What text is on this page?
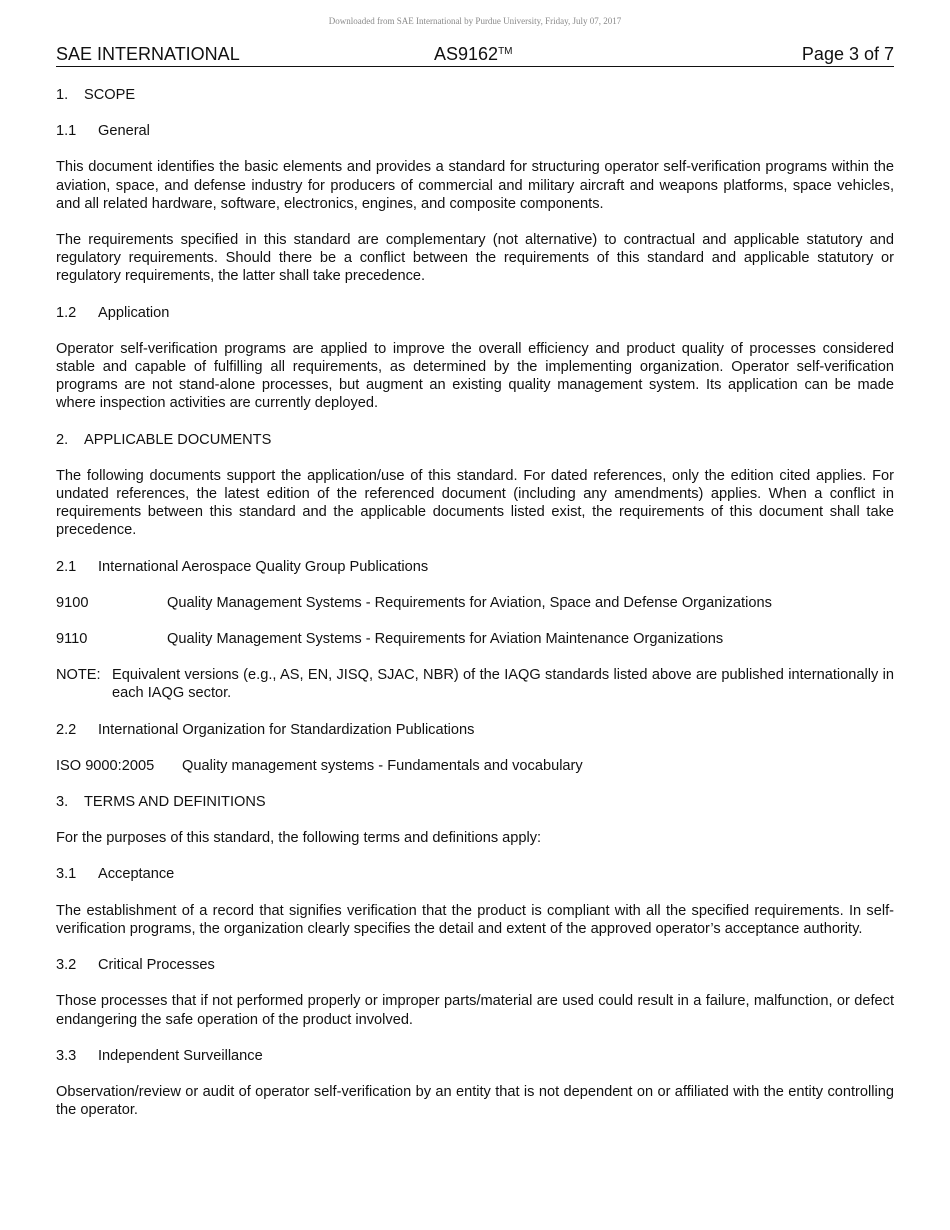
Downloaded from SAE International by Purdue University, Friday, July 07, 2017
SAE INTERNATIONAL	AS9162™	Page 3 of 7
1. SCOPE
1.1 General

This document identifies the basic elements and provides a standard for structuring operator self-verification programs within the aviation, space, and defense industry for producers of commercial and military aircraft and weapons platforms, space vehicles, and all related hardware, software, electronics, engines, and composite components.

The requirements specified in this standard are complementary (not alternative) to contractual and applicable statutory and regulatory requirements. Should there be a conflict between the requirements of this standard and applicable statutory or regulatory requirements, the latter shall take precedence.

1.2 Application

Operator self-verification programs are applied to improve the overall efficiency and product quality of processes considered stable and capable of fulfilling all requirements, as determined by the implementing organization. Operator self-verification programs are not stand-alone processes, but augment an existing quality management system. Its application can be made where inspection activities are currently deployed.

2. APPLICABLE DOCUMENTS

The following documents support the application/use of this standard. For dated references, only the edition cited applies. For undated references, the latest edition of the referenced document (including any amendments) applies. When a conflict in requirements between this standard and the applicable documents listed exist, the requirements of this document shall take precedence.

2.1 International Aerospace Quality Group Publications
9100	Quality Management Systems - Requirements for Aviation, Space and Defense Organizations
9110	Quality Management Systems - Requirements for Aviation Maintenance Organizations
NOTE: Equivalent versions (e.g., AS, EN, JISQ, SJAC, NBR) of the IAQG standards listed above are published internationally in each IAQG sector.
2.2 International Organization for Standardization Publications
ISO 9000:2005	Quality management systems - Fundamentals and vocabulary
3. TERMS AND DEFINITIONS

For the purposes of this standard, the following terms and definitions apply:

3.1 Acceptance

The establishment of a record that signifies verification that the product is compliant with all the specified requirements. In self-verification programs, the organization clearly specifies the detail and extent of the approved operator’s acceptance authority.

3.2 Critical Processes

Those processes that if not performed properly or improper parts/material are used could result in a failure, malfunction, or defect endangering the safe operation of the product involved.

3.3 Independent Surveillance

Observation/review or audit of operator self-verification by an entity that is not dependent on or affiliated with the entity controlling the operator.
